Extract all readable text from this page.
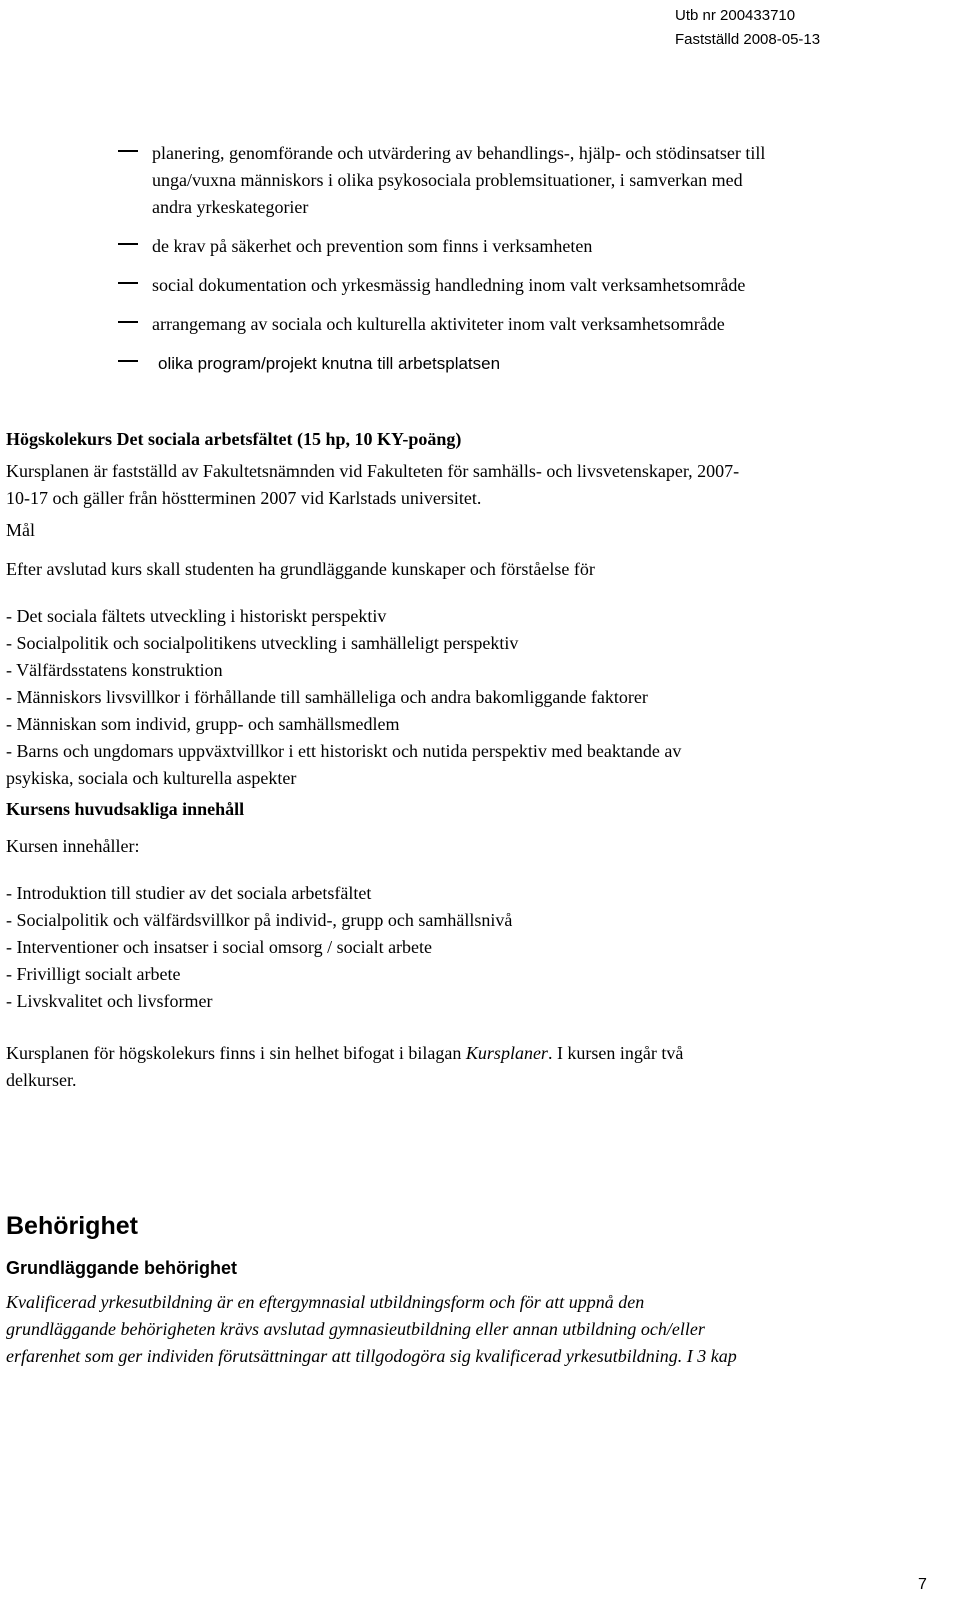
Utb nr 200433710
Fastställd 2008-05-13
planering, genomförande och utvärdering av behandlings-, hjälp- och stödinsatser till
unga/vuxna människors i olika psykosociala problemsituationer, i samverkan med
andra yrkeskategorier
de krav på säkerhet och prevention som finns i verksamheten
social dokumentation och yrkesmässig handledning inom valt verksamhetsområde
arrangemang av sociala och kulturella aktiviteter inom valt verksamhetsområde
olika program/projekt knutna till arbetsplatsen

Högskolekurs Det sociala arbetsfältet (15 hp, 10 KY-poäng)

Kursplanen är fastställd av Fakultetsnämnden vid Fakulteten för samhälls- och livsvetenskaper, 2007-
10-17 och gäller från höstterminen 2007 vid Karlstads universitet.

Mål

Efter avslutad kurs skall studenten ha grundläggande kunskaper och förståelse för

- Det sociala fältets utveckling i historiskt perspektiv
- Socialpolitik och socialpolitikens utveckling i samhälleligt perspektiv
- Välfärdsstatens konstruktion
- Människors livsvillkor i förhållande till samhälleliga och andra bakomliggande faktorer
- Människan som individ, grupp- och samhällsmedlem
- Barns och ungdomars uppväxtvillkor i ett historiskt och nutida perspektiv med beaktande av
psykiska, sociala och kulturella aspekter

Kursens huvudsakliga innehåll

Kursen innehåller:

- Introduktion till studier av det sociala arbetsfältet
- Socialpolitik och välfärdsvillkor på individ-, grupp och samhällsnivå
- Interventioner och insatser i social omsorg / socialt arbete
- Frivilligt socialt arbete
- Livskvalitet och livsformer
Kursplanen för högskolekurs finns i sin helhet bifogat i bilagan Kursplaner. I kursen ingår två
delkurser.
Behörighet
Grundläggande behörighet
Kvalificerad yrkesutbildning är en eftergymnasial utbildningsform och för att uppnå den
grundläggande behörigheten krävs avslutad gymnasieutbildning eller annan utbildning och/eller
erfarenhet som ger individen förutsättningar att tillgodogöra sig kvalificerad yrkesutbildning. I 3 kap
7
